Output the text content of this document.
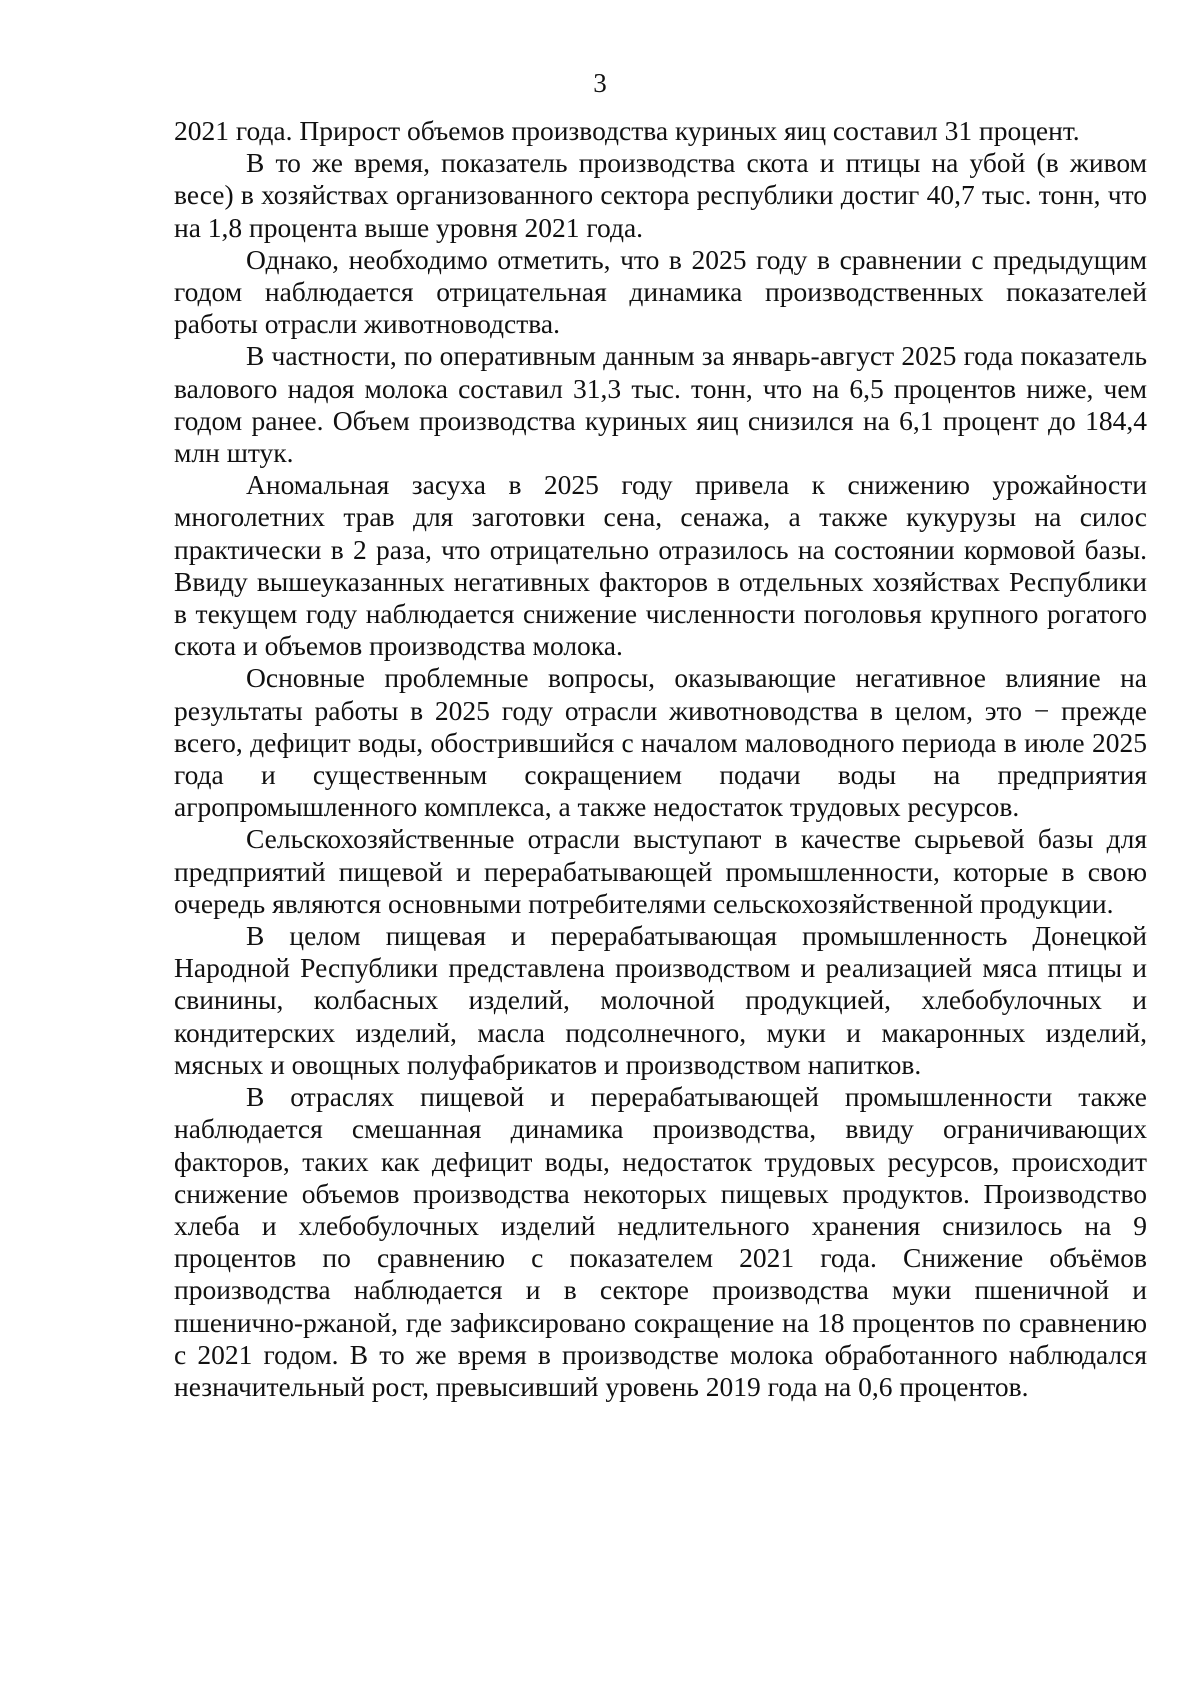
3

2021 года. Прирост объемов производства куриных яиц составил 31 процент.

В то же время, показатель производства скота и птицы на убой (в живом весе) в хозяйствах организованного сектора республики достиг 40,7 тыс. тонн, что на 1,8 процента выше уровня 2021 года.

Однако, необходимо отметить, что в 2025 году в сравнении с предыдущим годом наблюдается отрицательная динамика производственных показателей работы отрасли животноводства.

В частности, по оперативным данным за январь-август 2025 года показатель валового надоя молока составил 31,3 тыс. тонн, что на 6,5 процентов ниже, чем годом ранее. Объем производства куриных яиц снизился на 6,1 процент до 184,4 млн штук.

Аномальная засуха в 2025 году привела к снижению урожайности многолетних трав для заготовки сена, сенажа, а также кукурузы на силос практически в 2 раза, что отрицательно отразилось на состоянии кормовой базы. Ввиду вышеуказанных негативных факторов в отдельных хозяйствах Республики в текущем году наблюдается снижение численности поголовья крупного рогатого скота и объемов производства молока.

Основные проблемные вопросы, оказывающие негативное влияние на результаты работы в 2025 году отрасли животноводства в целом, это − прежде всего, дефицит воды, обострившийся с началом маловодного периода в июле 2025 года и существенным сокращением подачи воды на предприятия агропромышленного комплекса, а также недостаток трудовых ресурсов.

Сельскохозяйственные отрасли выступают в качестве сырьевой базы для предприятий пищевой и перерабатывающей промышленности, которые в свою очередь являются основными потребителями сельскохозяйственной продукции.

В целом пищевая и перерабатывающая промышленность Донецкой Народной Республики представлена производством и реализацией мяса птицы и свинины, колбасных изделий, молочной продукцией, хлебобулочных и кондитерских изделий, масла подсолнечного, муки и макаронных изделий, мясных и овощных полуфабрикатов и производством напитков.

В отраслях пищевой и перерабатывающей промышленности также наблюдается смешанная динамика производства, ввиду ограничивающих факторов, таких как дефицит воды, недостаток трудовых ресурсов, происходит снижение объемов производства некоторых пищевых продуктов. Производство хлеба и хлебобулочных изделий недлительного хранения снизилось на 9 процентов по сравнению с показателем 2021 года. Снижение объёмов производства наблюдается и в секторе производства муки пшеничной и пшенично-ржаной, где зафиксировано сокращение на 18 процентов по сравнению с 2021 годом. В то же время в производстве молока обработанного наблюдался незначительный рост, превысивший уровень 2019 года на 0,6 процентов.
